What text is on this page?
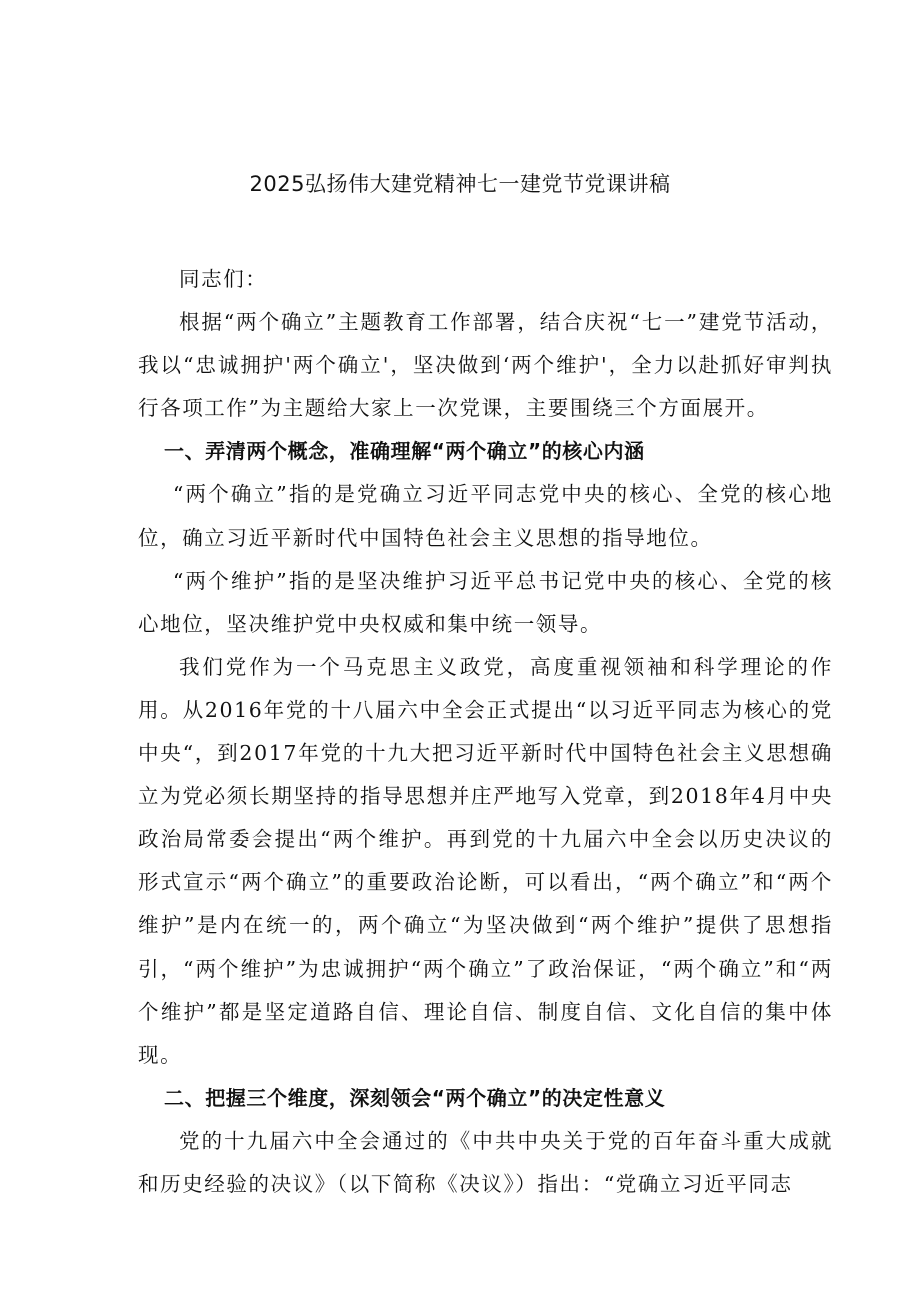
2025弘扬伟大建党精神七一建党节党课讲稿

同志们：

根据“两个确立”主题教育工作部署，结合庆祝“七一”建党节活动，我以“忠诚拥护'两个确立'，坚决做到‘两个维护'，全力以赴抓好审判执行各项工作”为主题给大家上一次党课，主要围绕三个方面展开。

一、弄清两个概念，准确理解“两个确立”的核心内涵

“两个确立”指的是党确立习近平同志党中央的核心、全党的核心地位，确立习近平新时代中国特色社会主义思想的指导地位。

“两个维护”指的是坚决维护习近平总书记党中央的核心、全党的核心地位，坚决维护党中央权威和集中统一领导。

我们党作为一个马克思主义政党，高度重视领袖和科学理论的作用。从2016年党的十八届六中全会正式提出“以习近平同志为核心的党中央“，到2017年党的十九大把习近平新时代中国特色社会主义思想确立为党必须长期坚持的指导思想并庄严地写入党章，到2018年4月中央政治局常委会提出“两个维护。再到党的十九届六中全会以历史决议的形式宣示“两个确立”的重要政治论断，可以看出，“两个确立”和“两个维护”是内在统一的，两个确立“为坚决做到“两个维护”提供了思想指引，“两个维护”为忠诚拥护“两个确立”了政治保证，“两个确立”和“两个维护”都是坚定道路自信、理论自信、制度自信、文化自信的集中体现。

二、把握三个维度，深刻领会“两个确立”的决定性意义

党的十九届六中全会通过的《中共中央关于党的百年奋斗重大成就和历史经验的决议》（以下简称《决议》）指出：“党确立习近平同志
